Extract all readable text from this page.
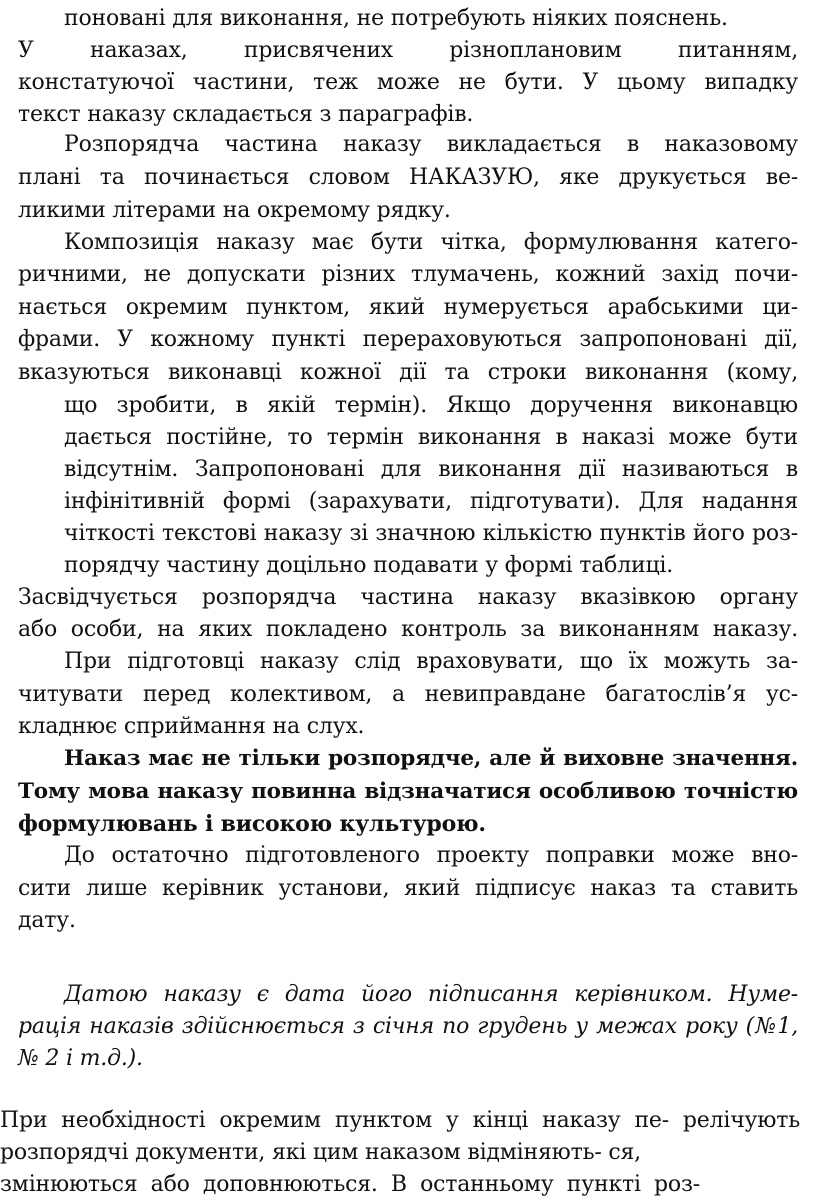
поновані для виконання, не потребують ніяких пояснень.
У наказах, присвячених різноплановим питанням,
констатуючої частини, теж може не бути. У цьому випадку
текст наказу складається з параграфів.
Розпорядча частина наказу викладається в наказовому
плані та починається словом НАКАЗУЮ, яке друкується ве-
ликими літерами на окремому рядку.
Композиція наказу має бути чітка, формулювання катего-
ричними, не допускати різних тлумачень, кожний захід почи-
нається окремим пунктом, який нумерується арабськими ци-
фрами. У кожному пункті перераховуються запропоновані дії,
вказуються виконавці кожної дії та строки виконання (кому,
що зробити, в якій термін). Якщо доручення виконавцю
дається постійне, то термін виконання в наказі може бути
відсутнім. Запропоновані для виконання дії називаються в
інфінітивній формі (зарахувати, підготувати). Для надання
чіткості текстові наказу зі значною кількістю пунктів його роз-
порядчу частину доцільно подавати у формі таблиці.
Засвідчується розпорядча частина наказу вказівкою органу
або особи, на яких покладено контроль за виконанням наказу.
При підготовці наказу слід враховувати, що їх можуть за-
читувати перед колективом, а невиправдане багатослів’я ус-
кладнює сприймання на слух.
Наказ має не тільки розпорядче, але й виховне значення.
Тому мова наказу повинна відзначатися особливою точністю
формулювань і високою культурою.
До остаточно підготовленого проекту поправки може вно-
сити лише керівник установи, який підписує наказ та ставить
дату.
Датою наказу є дата його підписання керівником. Нуме-
рація наказів здійснюється з січня по грудень у межах року (№1,
№ 2 і т.д.).
При необхідності окремим пунктом у кінці наказу пе- релічують
розпорядчі документи, які цим наказом відміняють- ся,
змінюються або доповнюються. В останньому пункті роз-
